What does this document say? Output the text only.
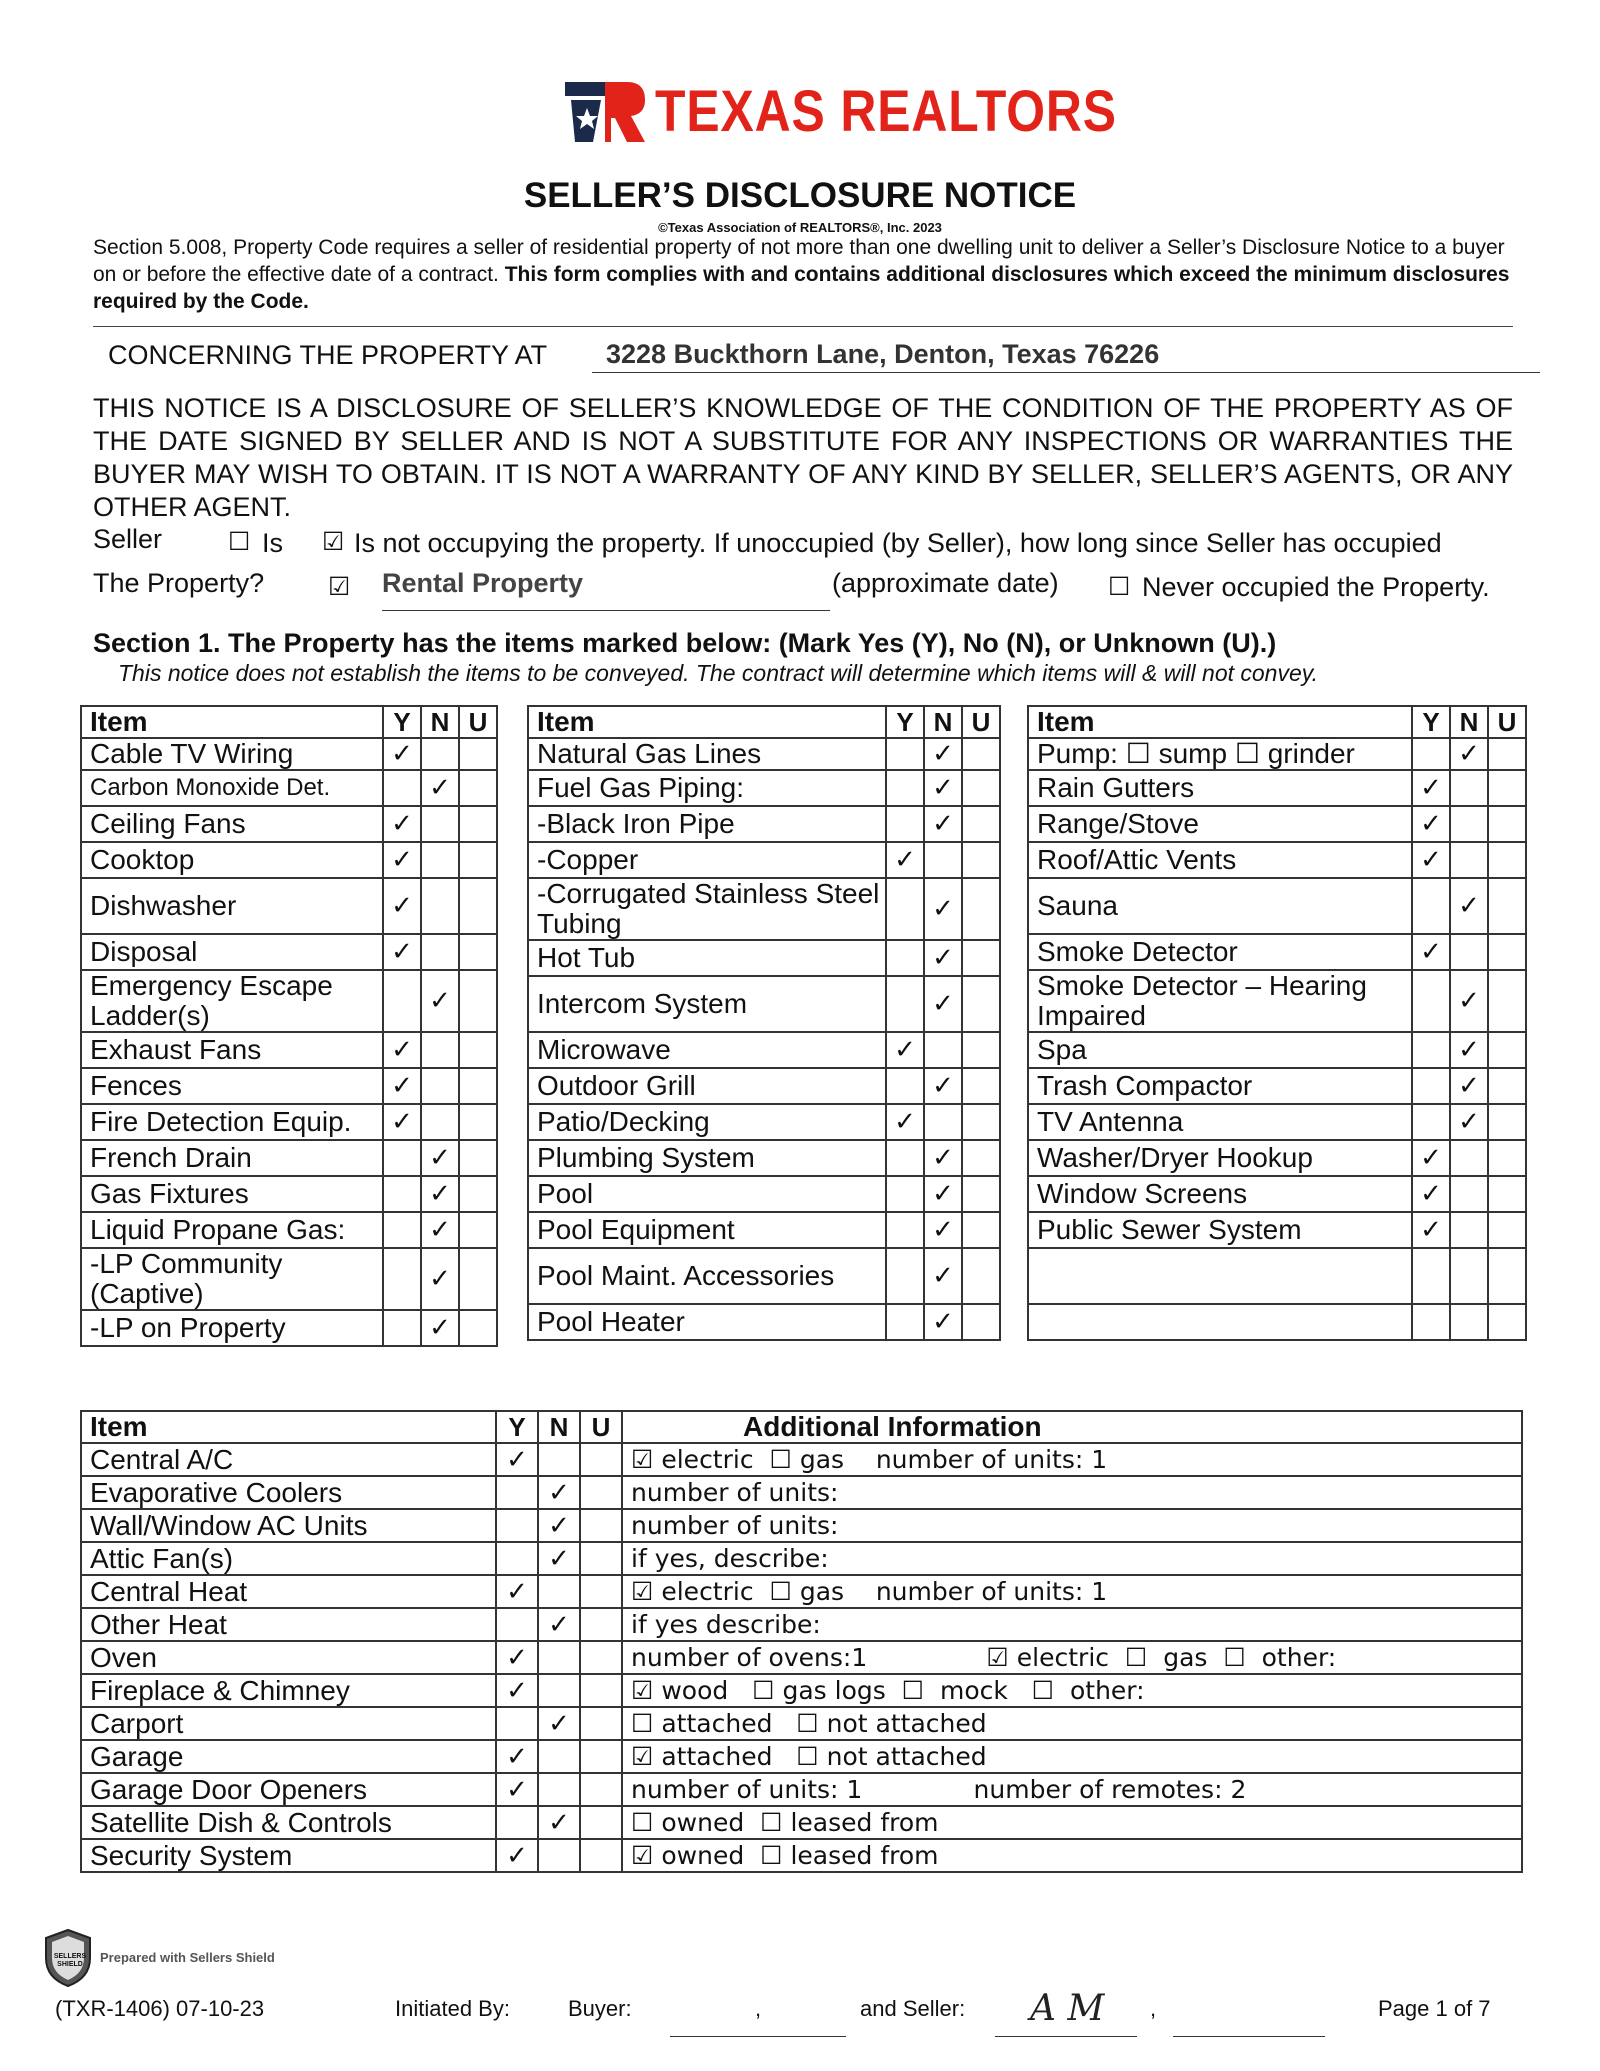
TEXAS REALTORS
SELLER’S DISCLOSURE NOTICE
©Texas Association of REALTORS®, Inc. 2023
Section 5.008, Property Code requires a seller of residential property of not more than one dwelling unit to deliver a Seller’s Disclosure Notice to a buyer on or before the effective date of a contract. This form complies with and contains additional disclosures which exceed the minimum disclosures required by the Code.
CONCERNING THE PROPERTY AT 3228 Buckthorn Lane, Denton, Texas 76226
THIS NOTICE IS A DISCLOSURE OF SELLER’S KNOWLEDGE OF THE CONDITION OF THE PROPERTY AS OF THE DATE SIGNED BY SELLER AND IS NOT A SUBSTITUTE FOR ANY INSPECTIONS OR WARRANTIES THE BUYER MAY WISH TO OBTAIN. IT IS NOT A WARRANTY OF ANY KIND BY SELLER, SELLER’S AGENTS, OR ANY OTHER AGENT.
Seller	☐ Is ☑ Is not occupying the property. If unoccupied (by Seller), how long since Seller has occupied
The Property?	☑ Rental Property	(approximate date) ☐ Never occupied the Property.
Section 1. The Property has the items marked below: (Mark Yes (Y), No (N), or Unknown (U).)
This notice does not establish the items to be conveyed. The contract will determine which items will & will not convey.
Item	Y	N	U
Cable TV Wiring	✓		
Carbon Monoxide Det.		✓	
Ceiling Fans	✓		
Cooktop	✓		
Dishwasher	✓		
Disposal	✓		
Emergency Escape Ladder(s)		✓	
Exhaust Fans	✓		
Fences	✓		
Fire Detection Equip.	✓		
French Drain		✓	
Gas Fixtures		✓	
Liquid Propane Gas:		✓	
-LP Community (Captive)		✓	
-LP on Property		✓	
Item	Y	N	U
Natural Gas Lines		✓	
Fuel Gas Piping:		✓	
-Black Iron Pipe		✓	
-Copper	✓		
-Corrugated Stainless Steel Tubing		✓	
Hot Tub		✓	
Intercom System		✓	
Microwave	✓		
Outdoor Grill		✓	
Patio/Decking	✓		
Plumbing System		✓	
Pool		✓	
Pool Equipment		✓	
Pool Maint. Accessories		✓	
Pool Heater		✓	
Item	Y	N	U
Pump: ☐ sump ☐ grinder		✓	
Rain Gutters	✓		
Range/Stove	✓		
Roof/Attic Vents	✓		
Sauna		✓	
Smoke Detector	✓		
Smoke Detector – Hearing Impaired		✓	
Spa		✓	
Trash Compactor		✓	
TV Antenna		✓	
Washer/Dryer Hookup	✓		
Window Screens	✓		
Public Sewer System	✓		

Item	Y	N	U	Additional Information
Central A/C	✓			☑ electric  ☐ gas    number of units: 1
Evaporative Coolers		✓		number of units:
Wall/Window AC Units		✓		number of units:
Attic Fan(s)		✓		if yes, describe:
Central Heat	✓			☑ electric  ☐ gas    number of units: 1
Other Heat		✓		if yes describe:
Oven	✓			number of ovens:1               ☑ electric  ☐  gas  ☐  other:
Fireplace & Chimney	✓			☑ wood   ☐ gas logs  ☐  mock   ☐  other:
Carport		✓		☐ attached   ☐ not attached
Garage	✓			☑ attached   ☐ not attached
Garage Door Openers	✓			number of units: 1              number of remotes: 2
Satellite Dish & Controls		✓		☐ owned  ☐ leased from
Security System	✓			☑ owned  ☐ leased from
SELLERS SHIELD	Prepared with Sellers Shield
(TXR-1406) 07-10-23	Initiated By:	Buyer:	,	and Seller: A M ,	Page 1 of 7
